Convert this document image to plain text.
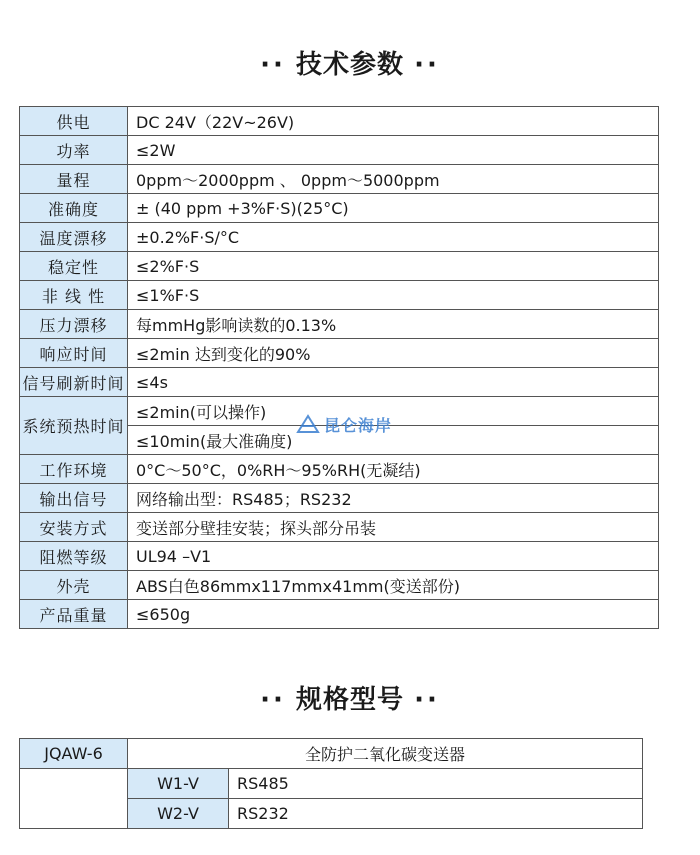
·· 技术参数 ··
供电	DC 24V（22V~26V)
功率	≤2W
量程	0ppm～2000ppm 、 0ppm～5000ppm
准确度	± (40 ppm +3%F·S)(25°C)
温度漂移	±0.2%F·S/°C
稳定性	≤2%F·S
非 线 性	≤1%F·S
压力漂移	每mmHg影响读数的0.13%
响应时间	≤2min 达到变化的90%
信号刷新时间	≤4s
系统预热时间	≤2min(可以操作)
	≤10min(最大准确度)
工作环境	0°C～50°C，0%RH～95%RH(无凝结)
输出信号	网络输出型：RS485；RS232
安装方式	变送部分壁挂安装；探头部分吊装
阻燃等级	UL94 –V1
外壳	ABS白色86mmx117mmx41mm(变送部份)
产品重量	≤650g
昆仑海岸
·· 规格型号 ··
JQAW-6	全防护二氧化碳变送器	
	W1-V	RS485
	W2-V	RS232
